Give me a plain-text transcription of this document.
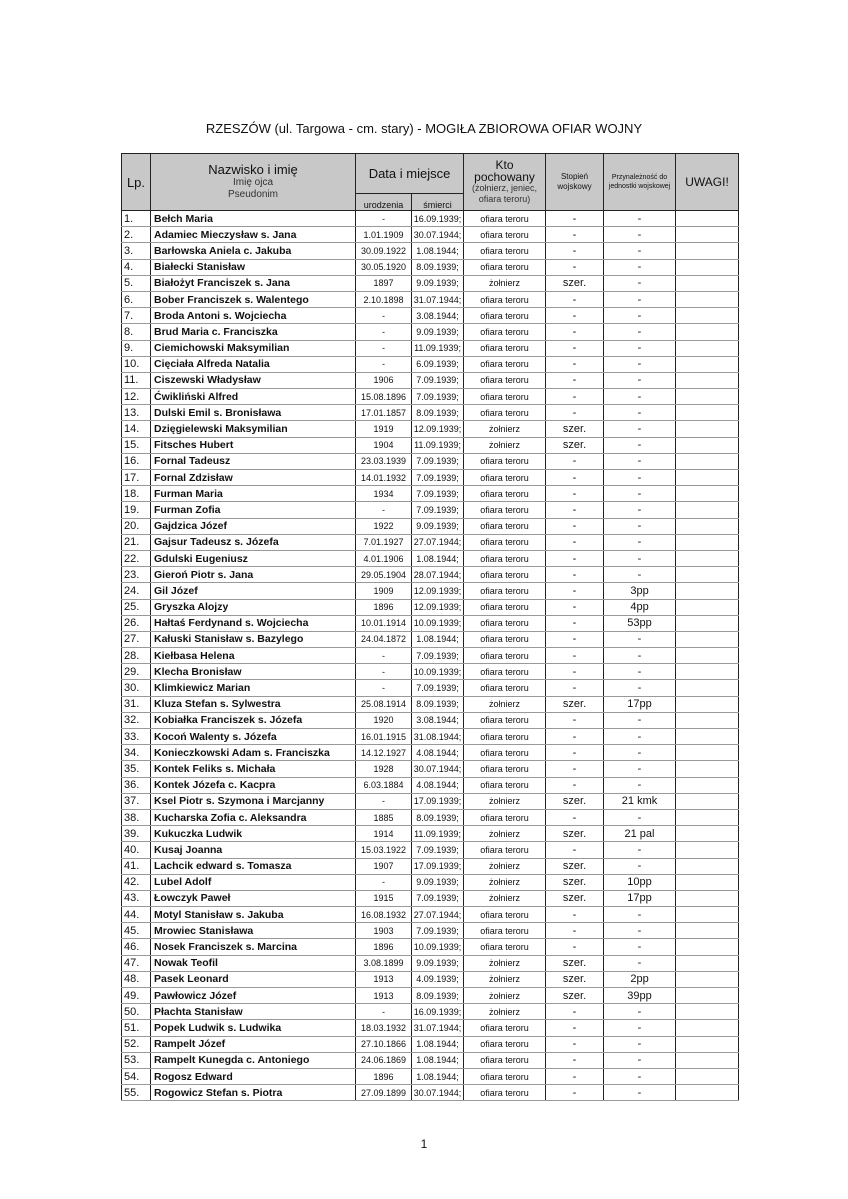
RZESZÓW (ul. Targowa - cm. stary) - MOGIŁA ZBIOROWA OFIAR WOJNY
Lp.	Nazwisko i imię
Imię ojca
Pseudonim	Data i miejsce		Kto pochowany
(żołnierz, jeniec, ofiara teroru)	Stopień wojskowy	Przynależność do jednostki wojskowej	UWAGI!
		urodzenia	śmierci				
1.	Bełch Maria	-	16.09.1939;	ofiara teroru	-	-	
2.	Adamiec Mieczysław s. Jana	1.01.1909	30.07.1944;	ofiara teroru	-	-	
3.	Barłowska Aniela c. Jakuba	30.09.1922	1.08.1944;	ofiara teroru	-	-	
4.	Białecki Stanisław	30.05.1920	8.09.1939;	ofiara teroru	-	-	
5.	Białożyt Franciszek s. Jana	1897	9.09.1939;	żołnierz	szer.	-	
6.	Bober Franciszek s. Walentego	2.10.1898	31.07.1944;	ofiara teroru	-	-	
7.	Broda Antoni s. Wojciecha	-	3.08.1944;	ofiara teroru	-	-	
8.	Brud Maria c. Franciszka	-	9.09.1939;	ofiara teroru	-	-	
9.	Ciemichowski Maksymilian	-	11.09.1939;	ofiara teroru	-	-	
10.	Cięciała Alfreda Natalia	-	6.09.1939;	ofiara teroru	-	-	
11.	Ciszewski Władysław	1906	7.09.1939;	ofiara teroru	-	-	
12.	Ćwikliński Alfred	15.08.1896	7.09.1939;	ofiara teroru	-	-	
13.	Dulski Emil s. Bronisława	17.01.1857	8.09.1939;	ofiara teroru	-	-	
14.	Dzięgielewski Maksymilian	1919	12.09.1939;	żołnierz	szer.	-	
15.	Fitsches Hubert	1904	11.09.1939;	żołnierz	szer.	-	
16.	Fornal Tadeusz	23.03.1939	7.09.1939;	ofiara teroru	-	-	
17.	Fornal Zdzisław	14.01.1932	7.09.1939;	ofiara teroru	-	-	
18.	Furman Maria	1934	7.09.1939;	ofiara teroru	-	-	
19.	Furman Zofia	-	7.09.1939;	ofiara teroru	-	-	
20.	Gajdzica Józef	1922	9.09.1939;	ofiara teroru	-	-	
21.	Gajsur Tadeusz s. Józefa	7.01.1927	27.07.1944;	ofiara teroru	-	-	
22.	Gdulski Eugeniusz	4.01.1906	1.08.1944;	ofiara teroru	-	-	
23.	Gieroń Piotr s. Jana	29.05.1904	28.07.1944;	ofiara teroru	-	-	
24.	Gil Józef	1909	12.09.1939;	ofiara teroru	-	3pp	
25.	Gryszka Alojzy	1896	12.09.1939;	ofiara teroru	-	4pp	
26.	Hałtaś Ferdynand s. Wojciecha	10.01.1914	10.09.1939;	ofiara teroru	-	53pp	
27.	Kałuski Stanisław s. Bazylego	24.04.1872	1.08.1944;	ofiara teroru	-	-	
28.	Kiełbasa Helena	-	7.09.1939;	ofiara teroru	-	-	
29.	Klecha Bronisław	-	10.09.1939;	ofiara teroru	-	-	
30.	Klimkiewicz Marian	-	7.09.1939;	ofiara teroru	-	-	
31.	Kluza Stefan s. Sylwestra	25.08.1914	8.09.1939;	żołnierz	szer.	17pp	
32.	Kobiałka Franciszek s. Józefa	1920	3.08.1944;	ofiara teroru	-	-	
33.	Kocoń Walenty s. Józefa	16.01.1915	31.08.1944;	ofiara teroru	-	-	
34.	Konieczkowski Adam s. Franciszka	14.12.1927	4.08.1944;	ofiara teroru	-	-	
35.	Kontek Feliks s. Michała	1928	30.07.1944;	ofiara teroru	-	-	
36.	Kontek Józefa c. Kacpra	6.03.1884	4.08.1944;	ofiara teroru	-	-	
37.	Ksel Piotr s. Szymona i Marcjanny	-	17.09.1939;	żołnierz	szer.	21 kmk	
38.	Kucharska Zofia c. Aleksandra	1885	8.09.1939;	ofiara teroru	-	-	
39.	Kukuczka Ludwik	1914	11.09.1939;	żołnierz	szer.	21 pal	
40.	Kusaj Joanna	15.03.1922	7.09.1939;	ofiara teroru	-	-	
41.	Lachcik edward s. Tomasza	1907	17.09.1939;	żołnierz	szer.	-	
42.	Lubel Adolf	-	9.09.1939;	żołnierz	szer.	10pp	
43.	Łowczyk Paweł	1915	7.09.1939;	żołnierz	szer.	17pp	
44.	Motyl Stanisław s. Jakuba	16.08.1932	27.07.1944;	ofiara teroru	-	-	
45.	Mrowiec Stanisława	1903	7.09.1939;	ofiara teroru	-	-	
46.	Nosek Franciszek s. Marcina	1896	10.09.1939;	ofiara teroru	-	-	
47.	Nowak Teofil	3.08.1899	9.09.1939;	żołnierz	szer.	-	
48.	Pasek Leonard	1913	4.09.1939;	żołnierz	szer.	2pp	
49.	Pawłowicz Józef	1913	8.09.1939;	żołnierz	szer.	39pp	
50.	Płachta Stanisław	-	16.09.1939;	żołnierz	-	-	
51.	Popek Ludwik s. Ludwika	18.03.1932	31.07.1944;	ofiara teroru	-	-	
52.	Rampelt Józef	27.10.1866	1.08.1944;	ofiara teroru	-	-	
53.	Rampelt Kunegda c. Antoniego	24.06.1869	1.08.1944;	ofiara teroru	-	-	
54.	Rogosz Edward	1896	1.08.1944;	ofiara teroru	-	-	
55.	Rogowicz Stefan s. Piotra	27.09.1899	30.07.1944;	ofiara teroru	-	-	
1
